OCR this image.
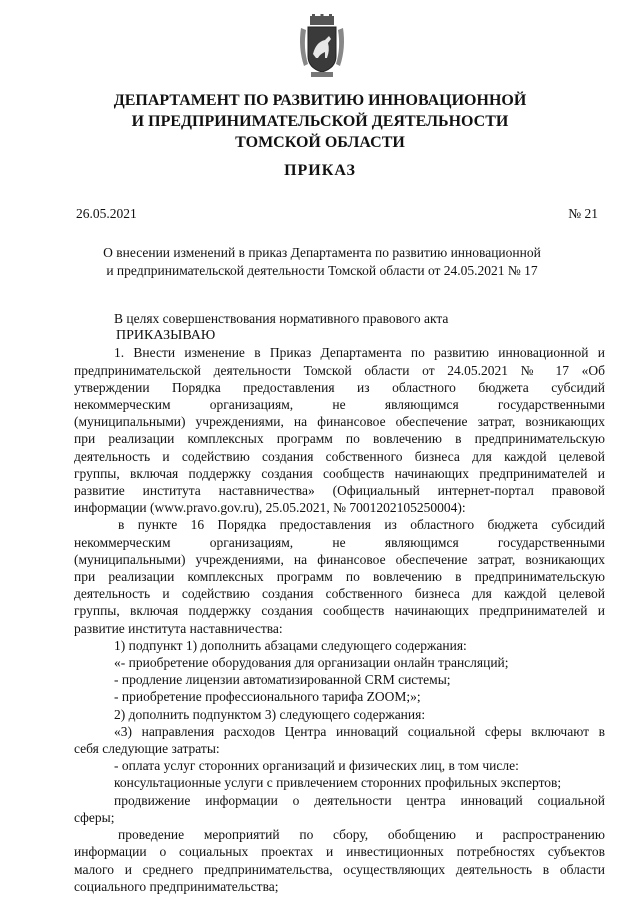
ДЕПАРТАМЕНТ ПО РАЗВИТИЮ ИННОВАЦИОННОЙ
И ПРЕДПРИНИМАТЕЛЬСКОЙ ДЕЯТЕЛЬНОСТИ
ТОМСКОЙ ОБЛАСТИ
ПРИКАЗ
26.05.2021	№ 21
О внесении изменений в приказ Департамента по развитию инновационной
и предпринимательской деятельности Томской области от 24.05.2021 № 17
В целях совершенствования нормативного правового акта
ПРИКАЗЫВАЮ
1. Внести изменение в Приказ Департамента по развитию инновационной и
предпринимательской деятельности Томской области от 24.05.2021 № 17 «Об
утверждении Порядка предоставления из областного бюджета субсидий
некоммерческим организациям, не являющимся государственными
(муниципальными) учреждениями, на финансовое обеспечение затрат, возникающих
при реализации комплексных программ по вовлечению в предпринимательскую
деятельность и содействию создания собственного бизнеса для каждой целевой
группы, включая поддержку создания сообществ начинающих предпринимателей и
развитие института наставничества» (Официальный интернет-портал правовой
информации (www.pravo.gov.ru), 25.05.2021, № 7001202105250004):
в пункте 16 Порядка предоставления из областного бюджета субсидий
некоммерческим организациям, не являющимся государственными
(муниципальными) учреждениями, на финансовое обеспечение затрат, возникающих
при реализации комплексных программ по вовлечению в предпринимательскую
деятельность и содействию создания собственного бизнеса для каждой целевой
группы, включая поддержку создания сообществ начинающих предпринимателей и
развитие института наставничества:
1) подпункт 1) дополнить абзацами следующего содержания:
«- приобретение оборудования для организации онлайн трансляций;
- продление лицензии автоматизированной CRM системы;
- приобретение профессионального тарифа ZOOM;»;
2) дополнить подпунктом 3) следующего содержания:
«3) направления расходов Центра инноваций социальной сферы включают в
себя следующие затраты:
- оплата услуг сторонних организаций и физических лиц, в том числе:
консультационные услуги с привлечением сторонних профильных экспертов;
продвижение информации о деятельности центра инноваций социальной
сферы;
проведение мероприятий по сбору, обобщению и распространению
информации о социальных проектах и инвестиционных потребностях субъектов
малого и среднего предпринимательства, осуществляющих деятельность в области
социального предпринимательства;
